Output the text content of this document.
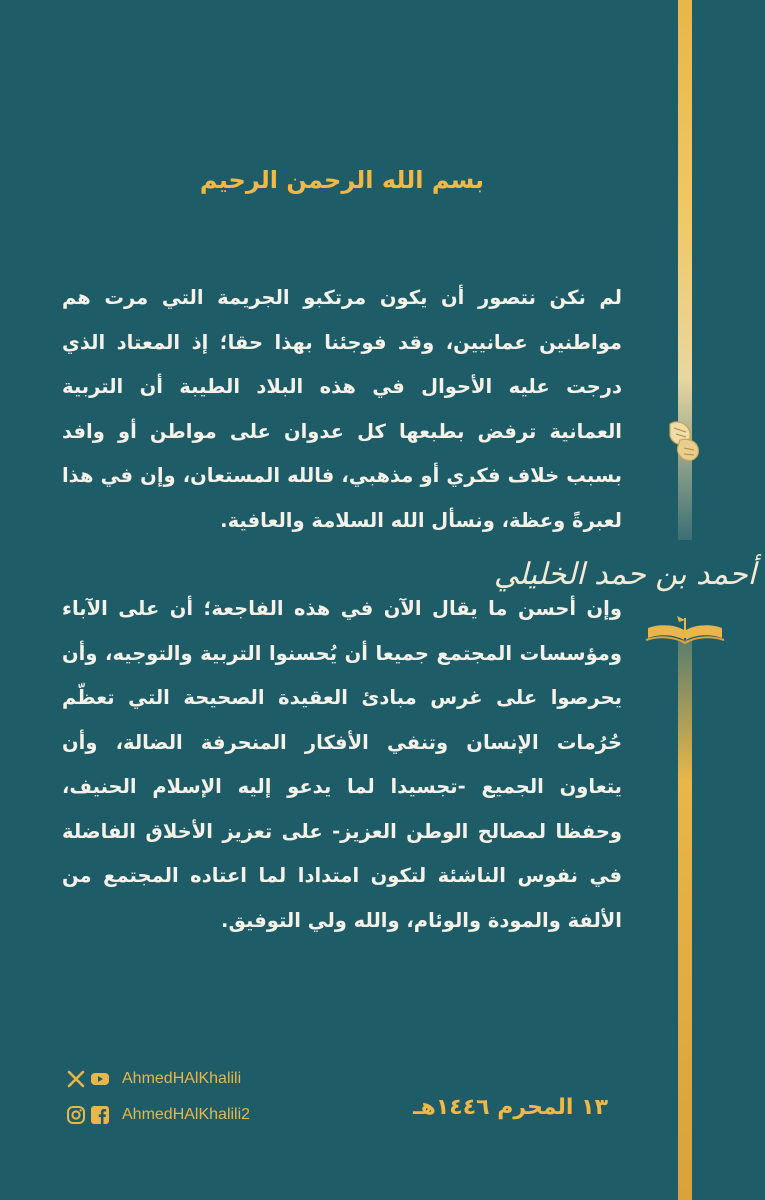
أحمد بن حمد الخليلي
بسم الله الرحمن الرحيم

لم نكن نتصور أن يكون مرتكبو الجريمة التي مرت هم مواطنين عمانيين، وقد فوجئنا بهذا حقا؛ إذ المعتاد الذي درجت عليه الأحوال في هذه البلاد الطيبة أن التربية العمانية ترفض بطبعها كل عدوان على مواطن أو وافد بسبب خلاف فكري أو مذهبي، فالله المستعان، وإن في هذا لعبرةً وعظة، ونسأل الله السلامة والعافية.

وإن أحسن ما يقال الآن في هذه الفاجعة؛ أن على الآباء ومؤسسات المجتمع جميعا أن يُحسنوا التربية والتوجيه، وأن يحرصوا على غرس مبادئ العقيدة الصحيحة التي تعظّم حُرُمات الإنسان وتنفي الأفكار المنحرفة الضالة، وأن يتعاون الجميع -تجسيدا لما يدعو إليه الإسلام الحنيف، وحفظا لمصالح الوطن العزيز- على تعزيز الأخلاق الفاضلة في نفوس الناشئة لتكون امتدادا لما اعتاده المجتمع من الألفة والمودة والوئام، والله ولي التوفيق.

١٣ المحرم ١٤٤٦هـ
AhmedHAlKhalili
AhmedHAlKhalili2
